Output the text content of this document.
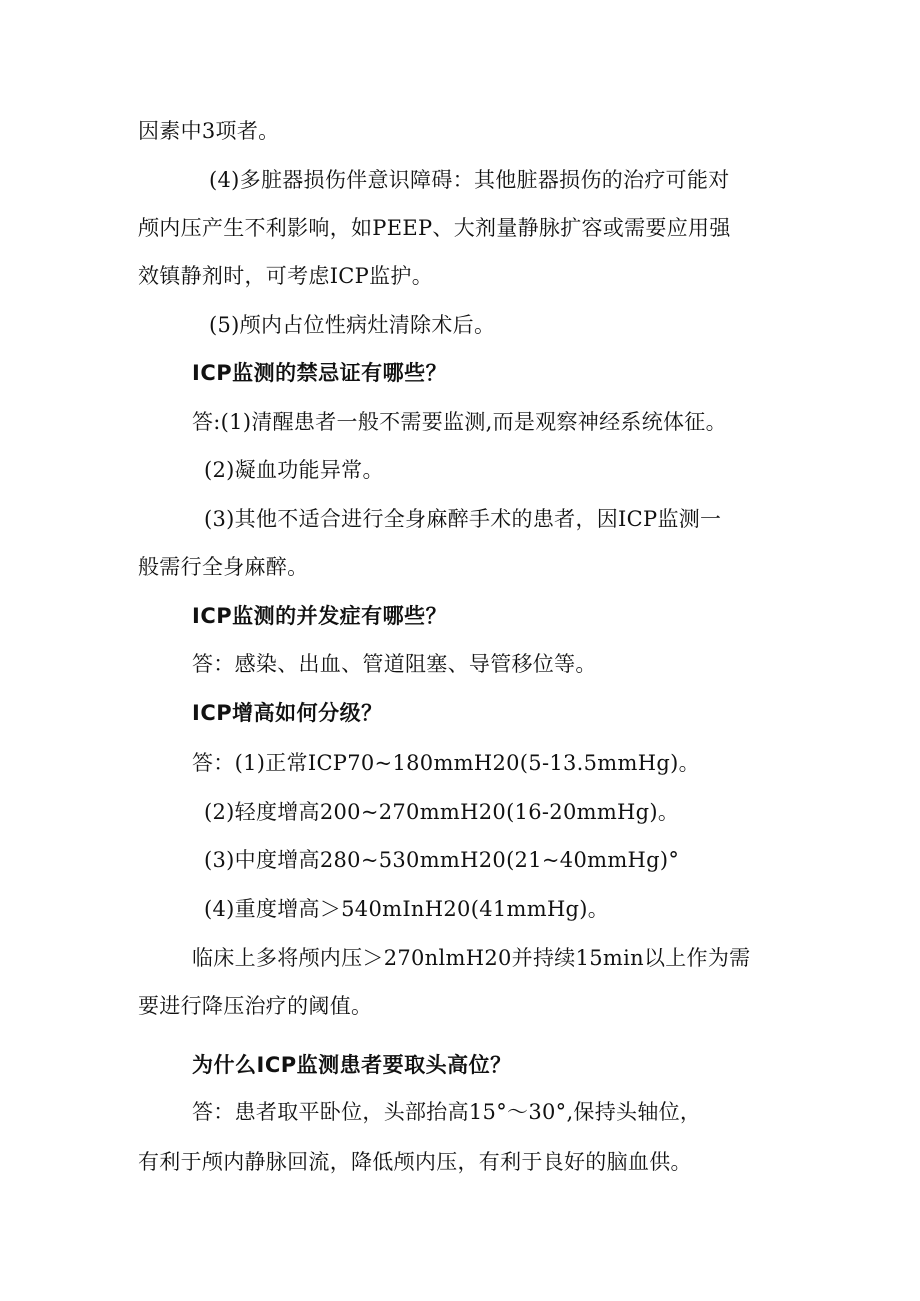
因素中3项者。
(4)多脏器损伤伴意识障碍：其他脏器损伤的治疗可能对
颅内压产生不利影响，如PEEP、大剂量静脉扩容或需要应用强
效镇静剂时，可考虑ICP监护。
(5)颅内占位性病灶清除术后。
ICP监测的禁忌证有哪些？
答:(1)清醒患者一般不需要监测,而是观察神经系统体征。
(2)凝血功能异常。
(3)其他不适合进行全身麻醉手术的患者，因ICP监测一
般需行全身麻醉。
ICP监测的并发症有哪些？
答：感染、出血、管道阻塞、导管移位等。
ICP增高如何分级？
答：(1)正常ICP70~180mmH20(5-13.5mmHg)。
(2)轻度增高200~270mmH20(16-20mmHg)。
(3)中度增高280~530mmH20(21~40mmHg)°
(4)重度增高＞540mInH20(41mmHg)。
临床上多将颅内压＞270nlmH20并持续15min以上作为需
要进行降压治疗的阈值。
为什么ICP监测患者要取头高位？
答：患者取平卧位，头部抬高15°～30°,保持头轴位，
有利于颅内静脉回流，降低颅内压，有利于良好的脑血供。
